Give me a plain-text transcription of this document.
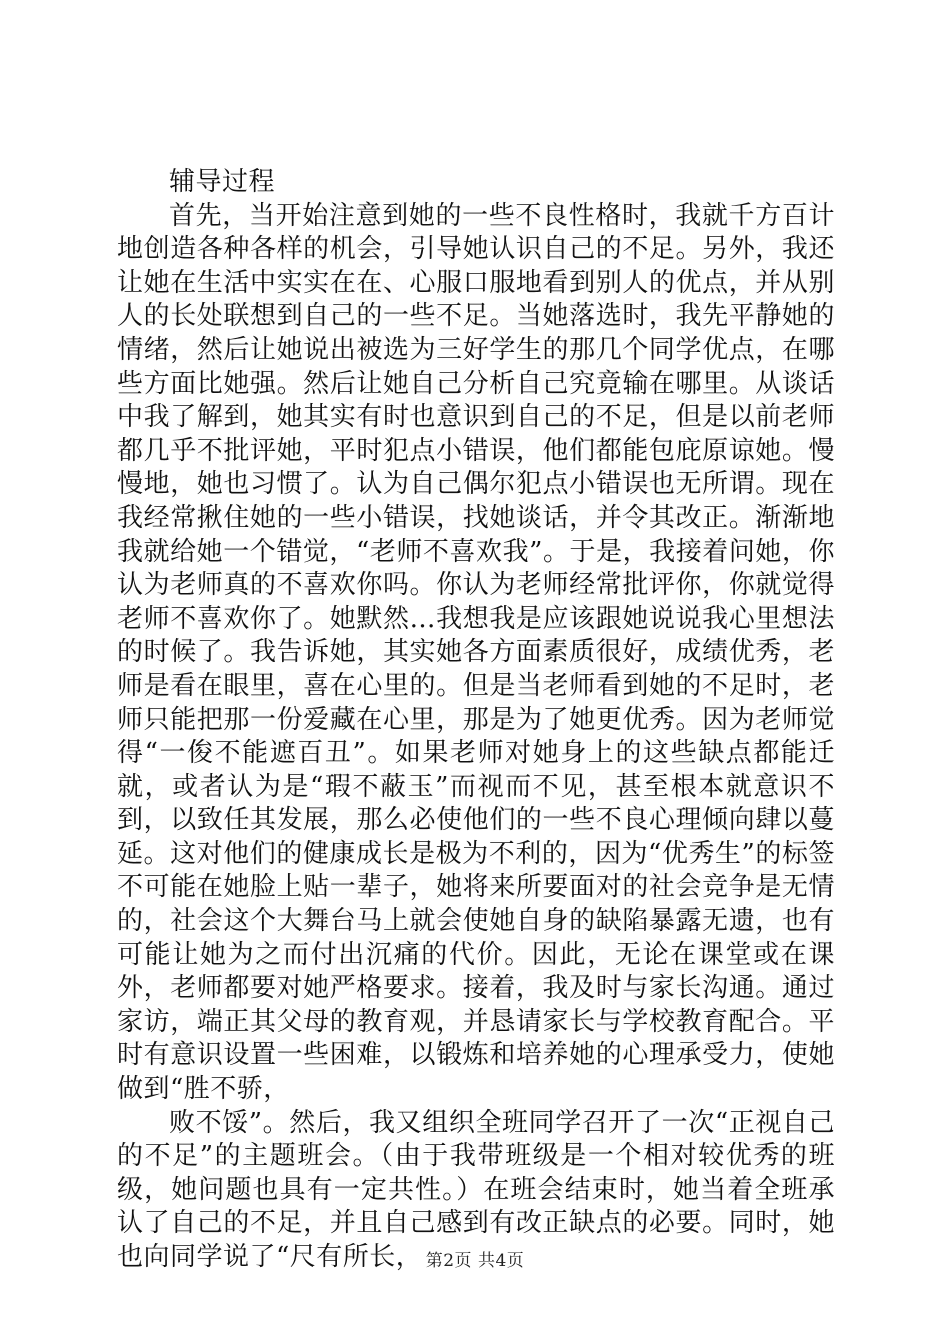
辅导过程

首先，当开始注意到她的一些不良性格时，我就千方百计地创造各种各样的机会，引导她认识自己的不足。另外，我还让她在生活中实实在在、心服口服地看到别人的优点，并从别人的长处联想到自己的一些不足。当她落选时，我先平静她的情绪，然后让她说出被选为三好学生的那几个同学优点，在哪些方面比她强。然后让她自己分析自己究竟输在哪里。从谈话中我了解到，她其实有时也意识到自己的不足，但是以前老师都几乎不批评她，平时犯点小错误，他们都能包庇原谅她。慢慢地，她也习惯了。认为自己偶尔犯点小错误也无所谓。现在我经常揪住她的一些小错误，找她谈话，并令其改正。渐渐地我就给她一个错觉，“老师不喜欢我”。于是，我接着问她，你认为老师真的不喜欢你吗。你认为老师经常批评你，你就觉得老师不喜欢你了。她默然…我想我是应该跟她说说我心里想法的时候了。我告诉她，其实她各方面素质很好，成绩优秀，老师是看在眼里，喜在心里的。但是当老师看到她的不足时，老师只能把那一份爱藏在心里，那是为了她更优秀。因为老师觉得“一俊不能遮百丑”。如果老师对她身上的这些缺点都能迁就，或者认为是“瑕不蔽玉”而视而不见，甚至根本就意识不到，以致任其发展，那么必使他们的一些不良心理倾向肆以蔓延。这对他们的健康成长是极为不利的，因为“优秀生”的标签不可能在她脸上贴一辈子，她将来所要面对的社会竞争是无情的，社会这个大舞台马上就会使她自身的缺陷暴露无遗，也有可能让她为之而付出沉痛的代价。因此，无论在课堂或在课外，老师都要对她严格要求。接着，我及时与家长沟通。通过家访，端正其父母的教育观，并恳请家长与学校教育配合。平时有意识设置一些困难，以锻炼和培养她的心理承受力，使她做到“胜不骄，

败不馁”。然后，我又组织全班同学召开了一次“正视自己的不足”的主题班会。（由于我带班级是一个相对较优秀的班级，她问题也具有一定共性。）在班会结束时，她当着全班承认了自己的不足，并且自己感到有改正缺点的必要。同时，她也向同学说了“尺有所长， 第2页 共4页
